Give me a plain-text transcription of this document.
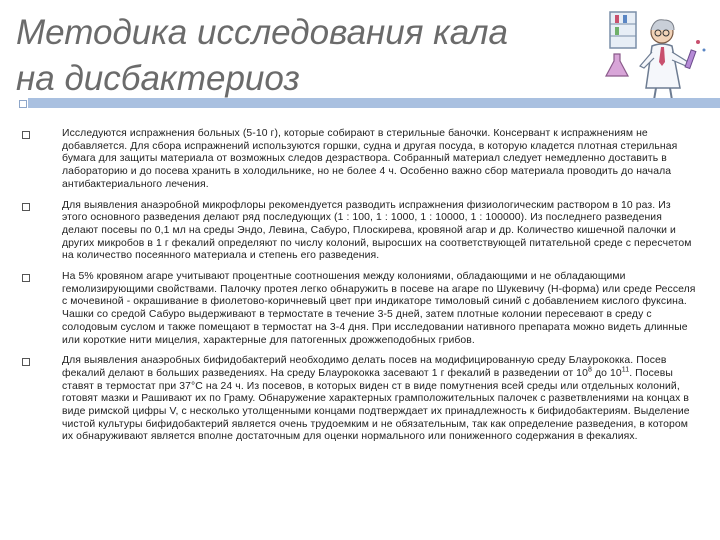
Методика исследования кала

на дисбактериоз

Исследуются испражнения больных (5-10 г), которые собирают в стерильные баночки. Консервант к испражнениям не добавляется. Для сбора испражнений используются горшки, судна и другая посуда, в которую кладется плотная стерильная бумага для защиты материала от возможных следов дезраствора. Собранный материал следует немедленно доставить в лабораторию и до посева хранить в холодильнике, но не более 4 ч. Особенно важно сбор материала проводить до начала антибактериального лечения.
Для выявления анаэробной микрофлоры рекомендуется разводить испражнения физиологическим раствором в 10 раз. Из этого основного разведения делают ряд последующих (1 : 100, 1 : 1000, 1 : 10000, 1 : 100000). Из последнего разведения делают посевы по 0,1 мл на среды Эндо, Левина, Сабуро, Плоскирева, кровяной агар и др. Количество кишечной палочки и других микробов в 1 г фекалий определяют по числу колоний, выросших на соответствующей питательной среде с пересчетом на количество посеянного материала и степень его разведения.
На 5% кровяном агаре учитывают процентные соотношения между колониями, обладающими и не обладающими гемолизирующими свойствами. Палочку протея легко обнаружить в посеве на агаре по Шукевичу (Н-форма) или среде Ресселя с мочевиной - окрашивание в фиолетово-коричневый цвет при индикаторе тимоловый синий с добавлением кислого фуксина. Чашки со средой Сабуро выдерживают в термостате в течение 3-5 дней, затем плотные колонии пересевают в среду с солодовым суслом и также помещают в термостат на 3-4 дня. При исследовании нативного препарата можно видеть длинные или короткие нити мицелия, характерные для патогенных дрожжеподобных грибов.
Для выявления анаэробных бифидобактерий необходимо делать посев на модифицированную среду Блаурококка. Посев фекалий делают в больших разведениях. На среду Блаурококка засевают 1 г фекалий в разведении от $10^8$ до $10^{11}$. Посевы ставят в термостат при 37°С на 24 ч. Из посевов, в которых виден ст в виде помутнения всей среды или отдельных колоний, готовят мазки и Рашивают их по Граму. Обнаружение характерных грамположительных палочек с разветвлениями на концах в виде римской цифры V, с несколько утолщенными концами подтверждает их принадлежность к бифидобактериям. Выделение чистой культуры бифидобактерий является очень трудоемким и не обязательным, так как определение разведения, в котором их обнаруживают является вполне достаточным для оценки нормального или пониженного содержания в фекалиях.
